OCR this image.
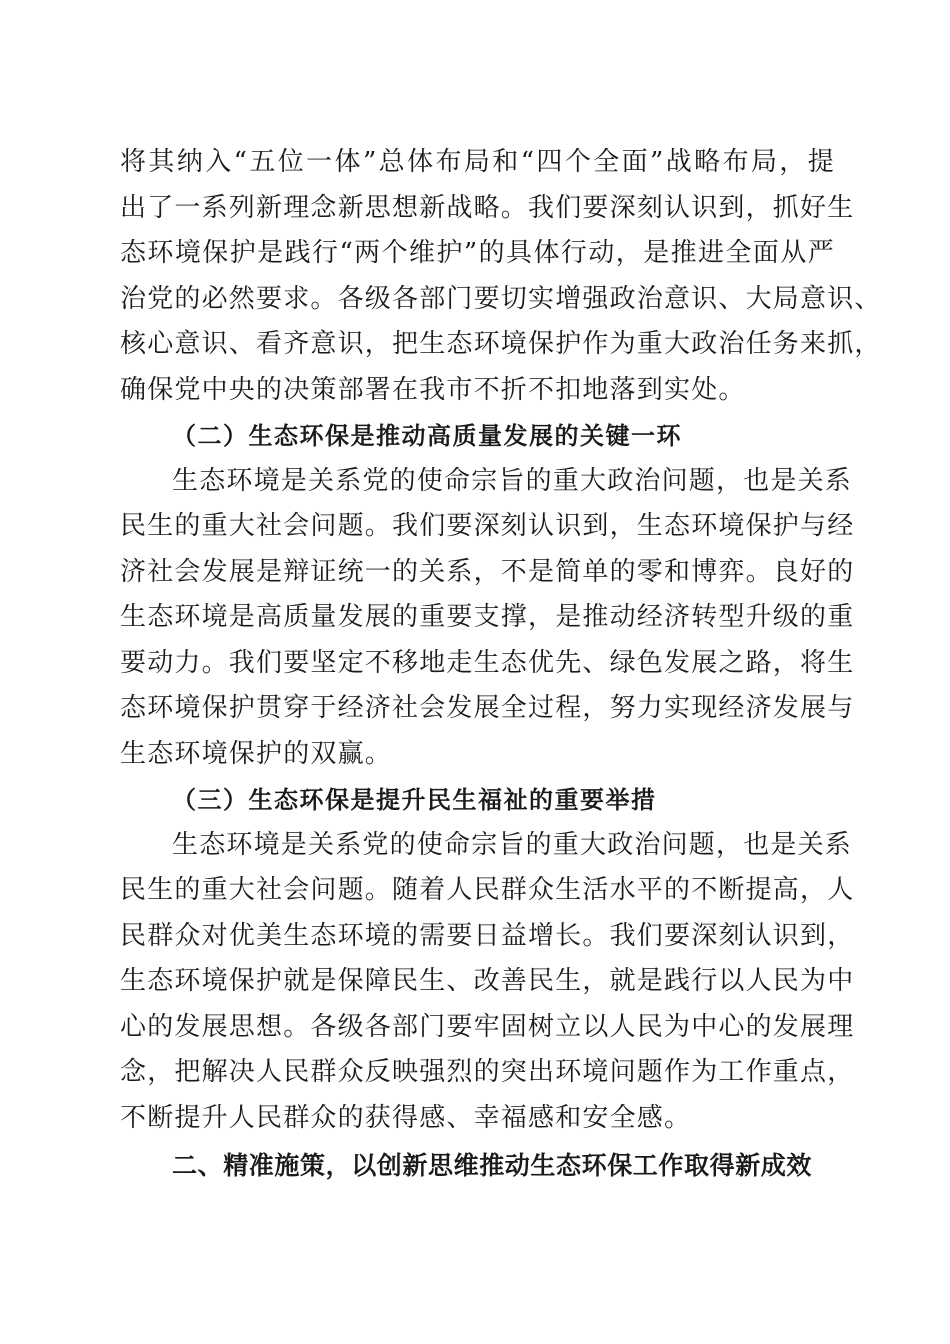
将其纳入“五位一体”总体布局和“四个全面”战略布局，提
出了一系列新理念新思想新战略。我们要深刻认识到，抓好生
态环境保护是践行“两个维护”的具体行动，是推进全面从严
治党的必然要求。各级各部门要切实增强政治意识、大局意识、
核心意识、看齐意识，把生态环境保护作为重大政治任务来抓，
确保党中央的决策部署在我市不折不扣地落到实处。
（二）生态环保是推动高质量发展的关键一环
生态环境是关系党的使命宗旨的重大政治问题，也是关系
民生的重大社会问题。我们要深刻认识到，生态环境保护与经
济社会发展是辩证统一的关系，不是简单的零和博弈。良好的
生态环境是高质量发展的重要支撑，是推动经济转型升级的重
要动力。我们要坚定不移地走生态优先、绿色发展之路，将生
态环境保护贯穿于经济社会发展全过程，努力实现经济发展与
生态环境保护的双赢。
（三）生态环保是提升民生福祉的重要举措
生态环境是关系党的使命宗旨的重大政治问题，也是关系
民生的重大社会问题。随着人民群众生活水平的不断提高，人
民群众对优美生态环境的需要日益增长。我们要深刻认识到，
生态环境保护就是保障民生、改善民生，就是践行以人民为中
心的发展思想。各级各部门要牢固树立以人民为中心的发展理
念，把解决人民群众反映强烈的突出环境问题作为工作重点，
不断提升人民群众的获得感、幸福感和安全感。
二、精准施策，以创新思维推动生态环保工作取得新成效
